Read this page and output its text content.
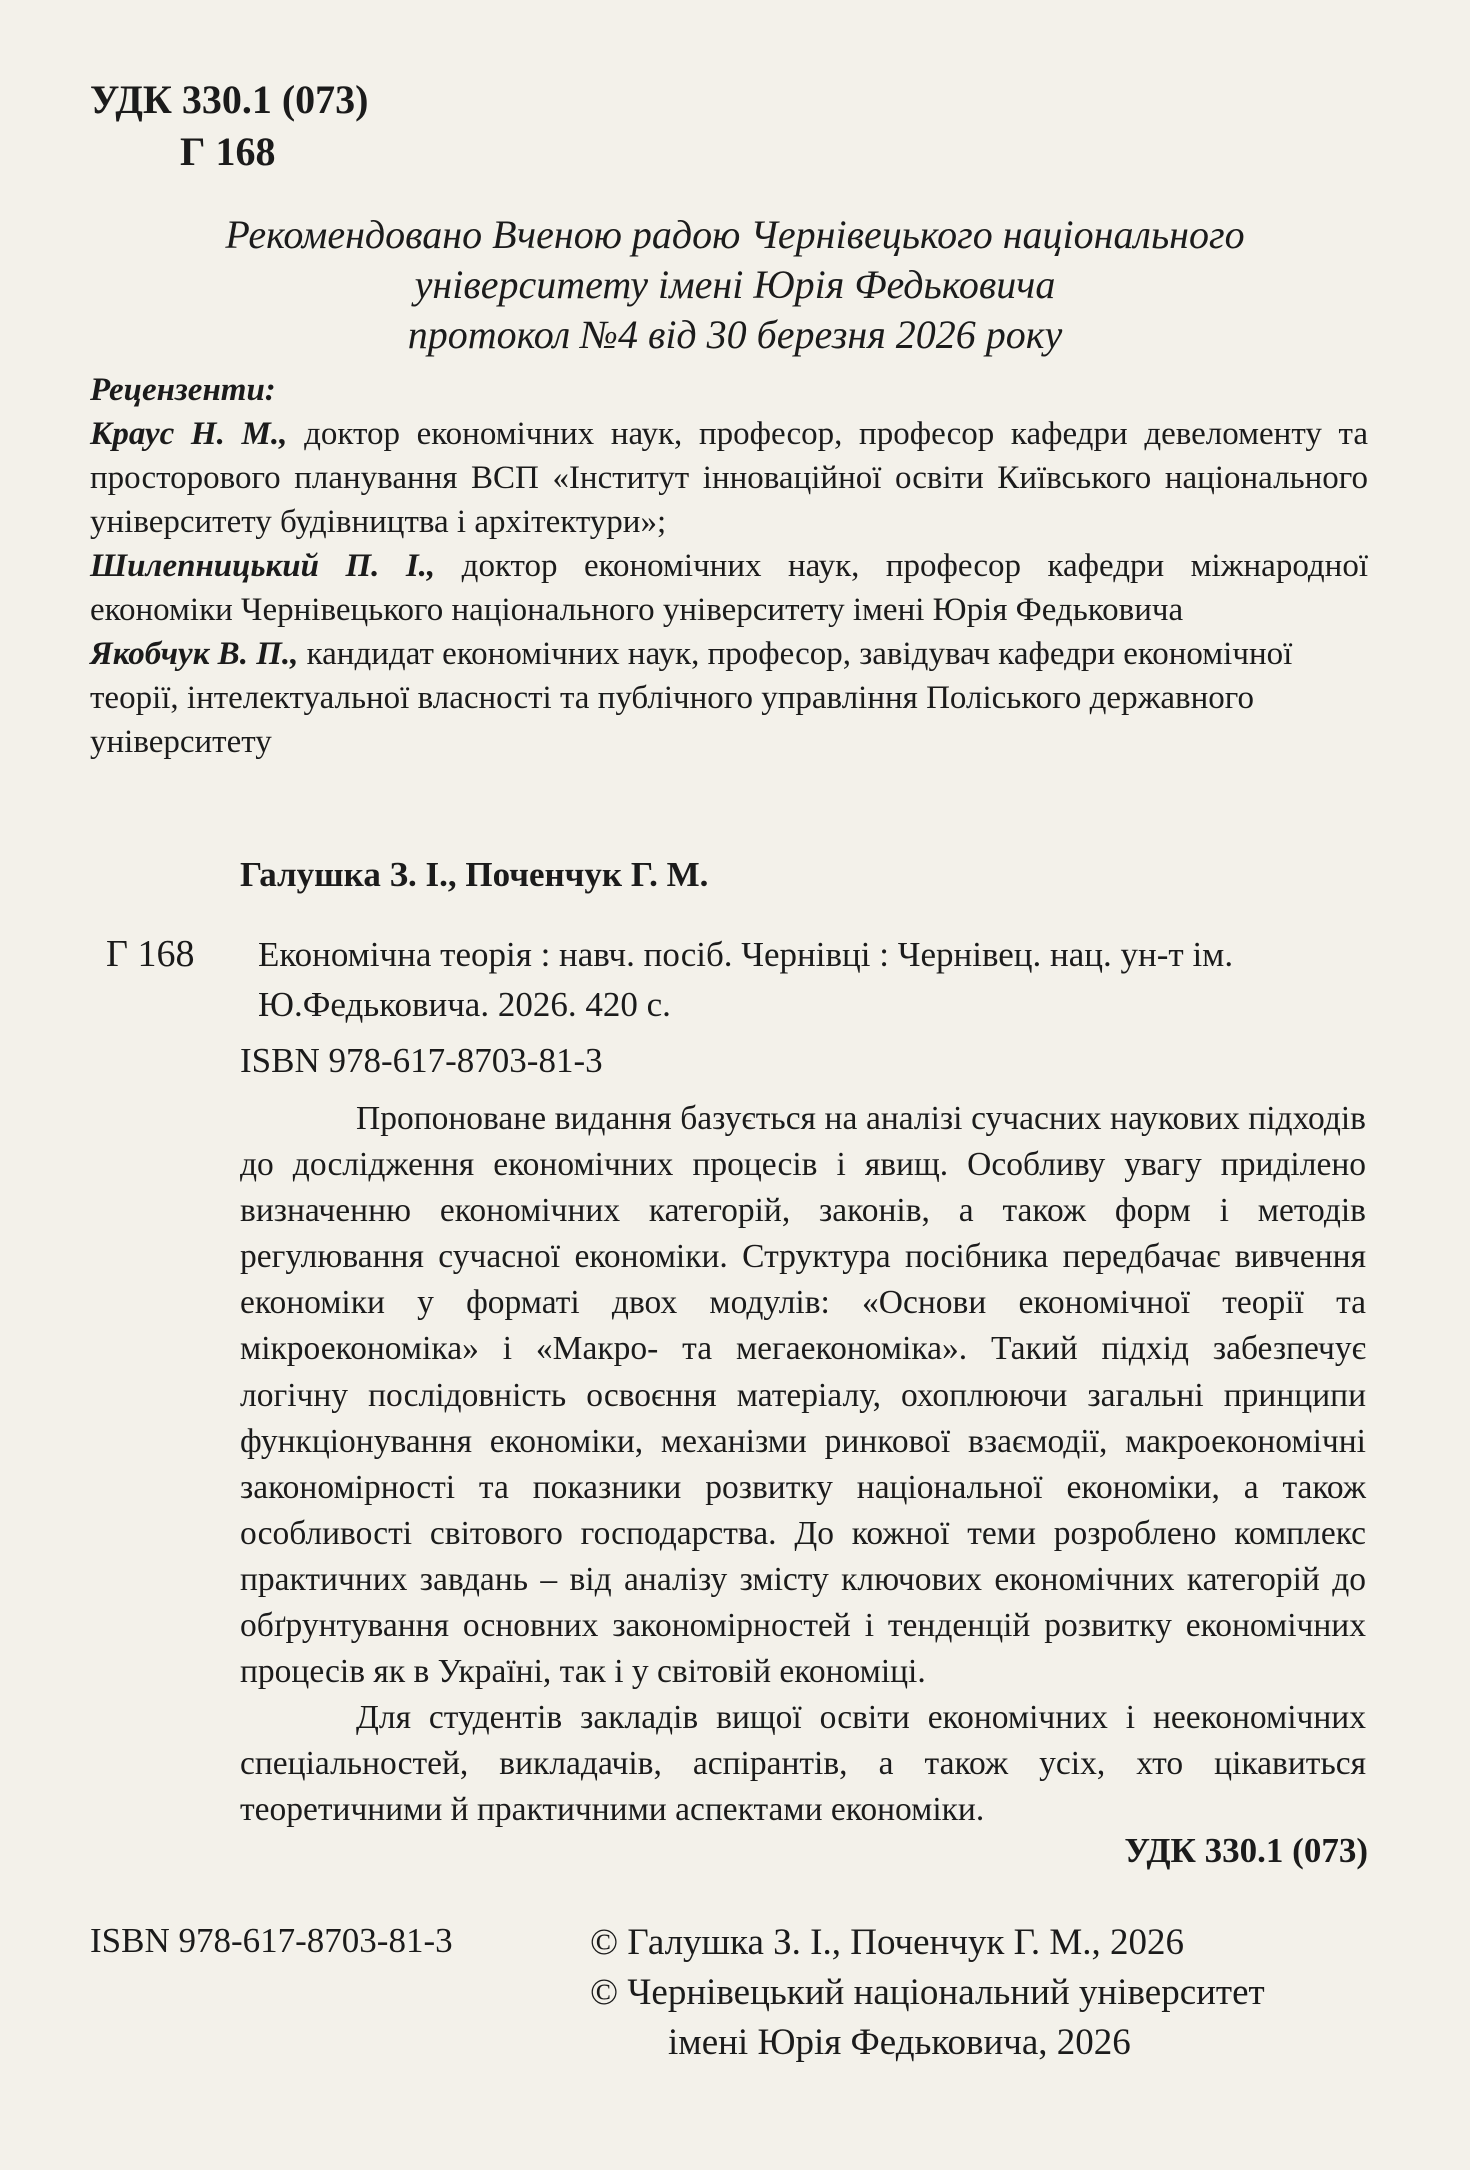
УДК 330.1 (073)
Г 168
Рекомендовано Вченою радою Чернівецького національного
університету імені Юрія Федьковича
протокол №4 від 30 березня 2026 року
Рецензенти:

Краус Н. М., доктор економічних наук, професор, професор кафедри девеломенту та просторового планування ВСП «Інститут інноваційної освіти Київського національного університету будівництва і архітектури»;

Шилепницький П. І., доктор економічних наук, професор кафедри міжнародної економіки Чернівецького національного університету імені Юрія Федьковича

Якобчук В. П., кандидат економічних наук, професор, завідувач кафедри економічної теорії, інтелектуальної власності та публічного управління Поліського державного університету

Галушка З. І., Поченчук Г. М.
Г 168 Економічна теорія : навч. посіб. Чернівці : Чернівец. нац. ун-т ім.
Ю.Федьковича. 2026. 420 с.
ISBN 978-617-8703-81-3

Пропоноване видання базується на аналізі сучасних наукових підходів до дослідження економічних процесів і явищ. Особливу увагу приділено визначенню економічних категорій, законів, а також форм і методів регулювання сучасної економіки. Структура посібника передбачає вивчення економіки у форматі двох модулів: «Основи економічної теорії та мікроекономіка» і «Макро- та мегаекономіка». Такий підхід забезпечує логічну послідовність освоєння матеріалу, охоплюючи загальні принципи функціонування економіки, механізми ринкової взаємодії, макроекономічні закономірності та показники розвитку національної економіки, а також особливості світового господарства. До кожної теми розроблено комплекс практичних завдань – від аналізу змісту ключових економічних категорій до обґрунтування основних закономірностей і тенденцій розвитку економічних процесів як в Україні, так і у світовій економіці.

Для студентів закладів вищої освіти економічних і неекономічних спеціальностей, викладачів, аспірантів, а також усіх, хто цікавиться теоретичними й практичними аспектами економіки.

УДК 330.1 (073)
ISBN 978-617-8703-81-3	© Галушка З. І., Поченчук Г. М., 2026
© Чернівецький національний університет
імені Юрія Федьковича, 2026
